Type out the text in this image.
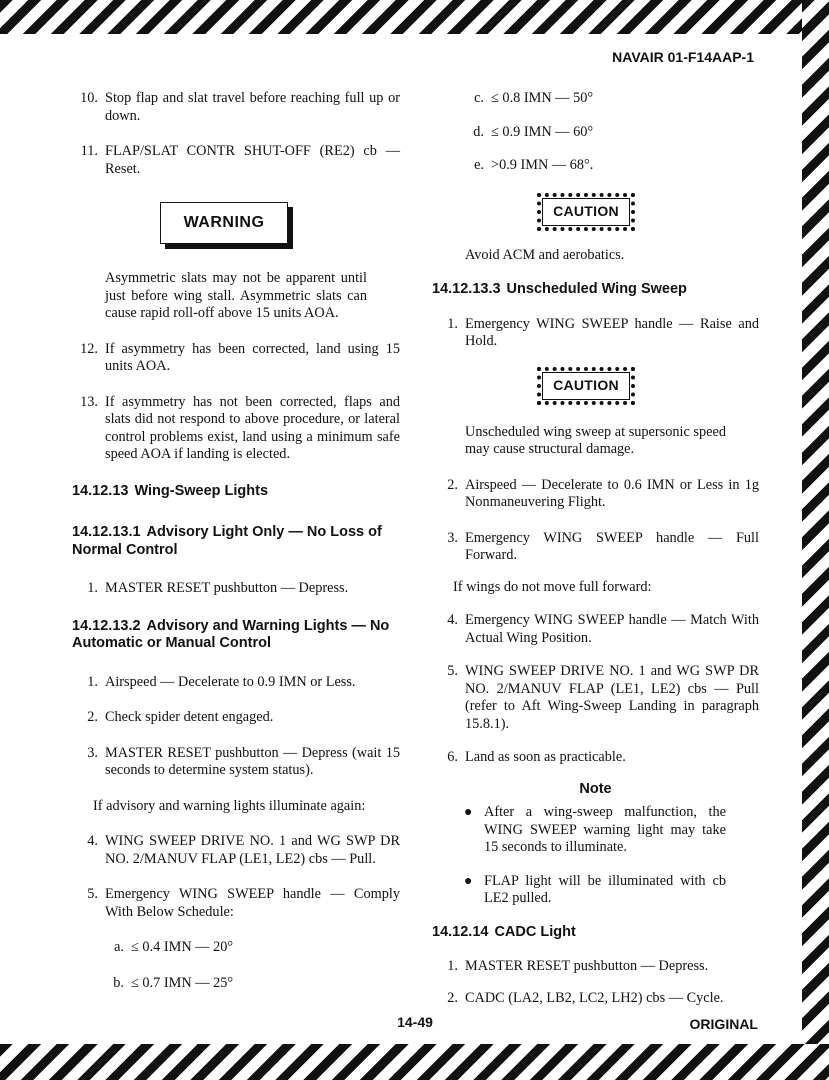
NAVAIR 01-F14AAP-1
10. Stop flap and slat travel before reaching full up or down.
11. FLAP/SLAT CONTR SHUT-OFF (RE2) cb — Reset.
WARNING

Asymmetric slats may not be apparent until just before wing stall. Asymmetric slats can cause rapid roll-off above 15 units AOA.

12. If asymmetry has been corrected, land using 15 units AOA.
13. If asymmetry has not been corrected, flaps and slats did not respond to above procedure, or lateral control problems exist, land using a minimum safe speed AOA if landing is elected.
14.12.13 Wing-Sweep Lights
14.12.13.1 Advisory Light Only — No Loss of Normal Control
1. MASTER RESET pushbutton — Depress.
14.12.13.2 Advisory and Warning Lights — No Automatic or Manual Control
1. Airspeed — Decelerate to 0.9 IMN or Less.
2. Check spider detent engaged.
3. MASTER RESET pushbutton — Depress (wait 15 seconds to determine system status).

If advisory and warning lights illuminate again:

4. WING SWEEP DRIVE NO. 1 and WG SWP DR NO. 2/MANUV FLAP (LE1, LE2) cbs — Pull.
5. Emergency WING SWEEP handle — Comply With Below Schedule:
a. ≤ 0.4 IMN — 20°
b. ≤ 0.7 IMN — 25°
c. ≤ 0.8 IMN — 50°
d. ≤ 0.9 IMN — 60°
e. >0.9 IMN — 68°.
CAUTION

Avoid ACM and aerobatics.

14.12.13.3 Unscheduled Wing Sweep
1. Emergency WING SWEEP handle — Raise and Hold.
CAUTION

Unscheduled wing sweep at supersonic speed may cause structural damage.

2. Airspeed — Decelerate to 0.6 IMN or Less in 1g Nonmaneuvering Flight.
3. Emergency WING SWEEP handle — Full Forward.

If wings do not move full forward:

4. Emergency WING SWEEP handle — Match With Actual Wing Position.
5. WING SWEEP DRIVE NO. 1 and WG SWP DR NO. 2/MANUV FLAP (LE1, LE2) cbs — Pull (refer to Aft Wing-Sweep Landing in paragraph 15.8.1).
6. Land as soon as practicable.
Note
● After a wing-sweep malfunction, the WING SWEEP warning light may take 15 seconds to illuminate.
● FLAP light will be illuminated with cb LE2 pulled.
14.12.14 CADC Light
1. MASTER RESET pushbutton — Depress.
2. CADC (LA2, LB2, LC2, LH2) cbs — Cycle.
14-49	ORIGINAL
